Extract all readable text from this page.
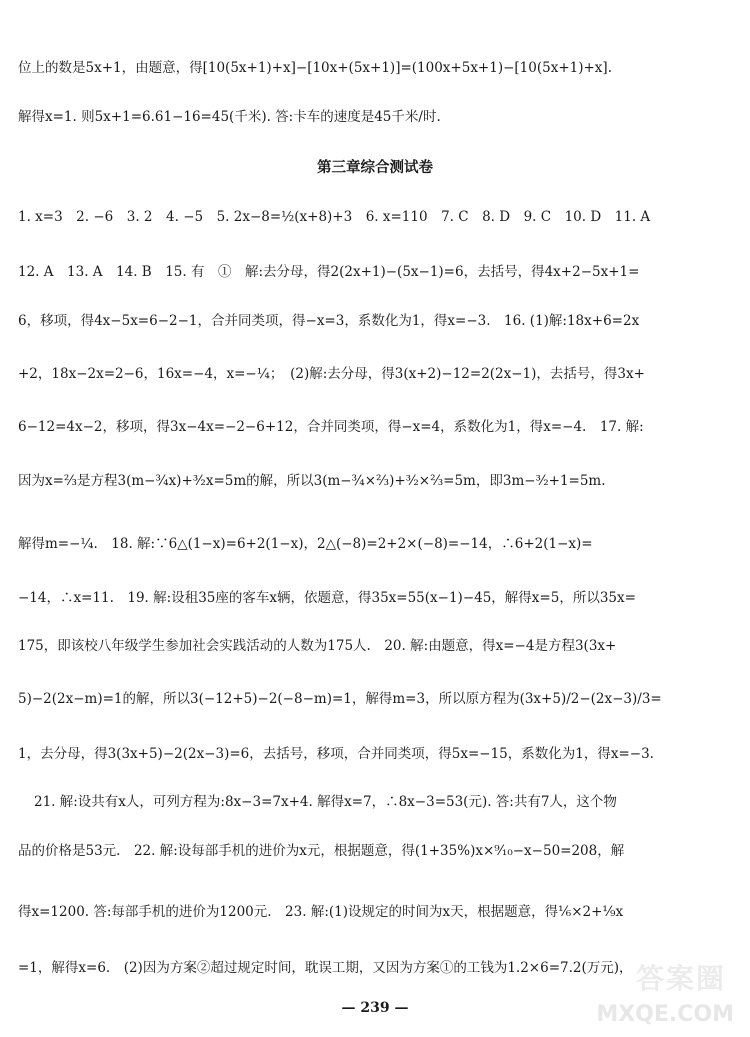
位上的数是5x+1，由题意，得[10(5x+1)+x]−[10x+(5x+1)]=(100x+5x+1)−[10(5x+1)+x].
解得x=1. 则5x+1=6.61−16=45(千米). 答:卡车的速度是45千米/时.
第三章综合测试卷
1. x=3　2. −6　3. 2　4. −5　5. 2x−8=½(x+8)+3　6. x=110　7. C　8. D　9. C　10. D　11. A
12. A　13. A　14. B　15. 有　①　解:去分母，得2(2x+1)−(5x−1)=6，去括号，得4x+2−5x+1=
6，移项，得4x−5x=6−2−1，合并同类项，得−x=3，系数化为1，得x=−3.　16. (1)解:18x+6=2x
+2，18x−2x=2−6，16x=−4，x=−¼；　(2)解:去分母，得3(x+2)−12=2(2x−1)，去括号，得3x+
6−12=4x−2，移项，得3x−4x=−2−6+12，合并同类项，得−x=4，系数化为1，得x=−4.　17. 解:
因为x=⅔是方程3(m−¾x)+³⁄₂x=5m的解，所以3(m−¾×⅔)+³⁄₂×⅔=5m，即3m−³⁄₂+1=5m.
解得m=−¼.　18. 解:∵6△(1−x)=6+2(1−x)，2△(−8)=2+2×(−8)=−14，∴6+2(1−x)=
−14，∴x=11.　19. 解:设租35座的客车x辆，依题意，得35x=55(x−1)−45，解得x=5，所以35x=
175，即该校八年级学生参加社会实践活动的人数为175人.　20. 解:由题意，得x=−4是方程3(3x+
5)−2(2x−m)=1的解，所以3(−12+5)−2(−8−m)=1，解得m=3，所以原方程为(3x+5)/2−(2x−3)/3=
1，去分母，得3(3x+5)−2(2x−3)=6，去括号，移项，合并同类项，得5x=−15，系数化为1，得x=−3.
21. 解:设共有x人，可列方程为:8x−3=7x+4. 解得x=7，∴8x−3=53(元). 答:共有7人，这个物
品的价格是53元.　22. 解:设每部手机的进价为x元，根据题意，得(1+35%)x×⁹⁄₁₀−x−50=208，解
得x=1200. 答:每部手机的进价为1200元.　23. 解:(1)设规定的时间为x天，根据题意，得⅙×2+⅑x
=1，解得x=6.　(2)因为方案②超过规定时间，耽误工期，又因为方案①的工钱为1.2×6=7.2(万元)，
— 239 —
答案圈
MXQE.COM
